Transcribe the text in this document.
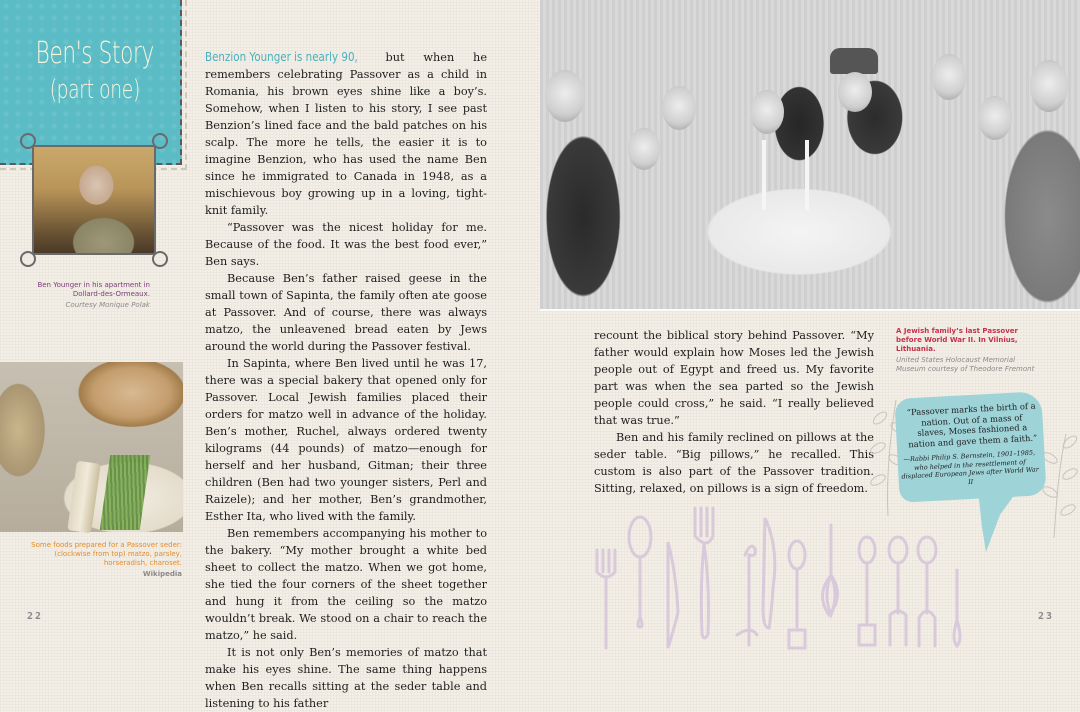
Ben's Story
(part one)
Ben Younger in his apartment in Dollard-des-Ormeaux.
Courtesy Monique Polak
Some foods prepared for a Passover seder: (clockwise from top) matzo, parsley, horseradish, charoset.
Wikipedia
22

Benzion Younger is nearly 90, but when he remembers celebrating Passover as a child in Romania, his brown eyes shine like a boy’s. Somehow, when I listen to his story, I see past Benzion’s lined face and the bald patches on his scalp. The more he tells, the easier it is to imagine Benzion, who has used the name Ben since he immigrated to Canada in 1948, as a mischievous boy growing up in a loving, tight-knit family.

“Passover was the nicest holiday for me. Because of the food. It was the best food ever,” Ben says.

Because Ben’s father raised geese in the small town of Sapinta, the family often ate goose at Passover. And of course, there was always matzo, the unleavened bread eaten by Jews around the world during the Passover festival.

In Sapinta, where Ben lived until he was 17, there was a special bakery that opened only for Passover. Local Jewish families placed their orders for matzo well in advance of the holiday. Ben’s mother, Ruchel, always ordered twenty kilograms (44 pounds) of matzo—enough for herself and her husband, Gitman; their three children (Ben had two younger sisters, Perl and Raizele); and her mother, Ben’s grandmother, Esther Ita, who lived with the family.

Ben remembers accompanying his mother to the bakery. “My mother brought a white bed sheet to collect the matzo. When we got home, she tied the four corners of the sheet together and hung it from the ceiling so the matzo wouldn’t break. We stood on a chair to reach the matzo,” he said.

It is not only Ben’s memories of matzo that make his eyes shine. The same thing happens when Ben recalls sitting at the seder table and listening to his father

A Jewish family’s last Passover before World War II. In Vilnius, Lithuania.
United States Holocaust Memorial Museum courtesy of Theodore Fremont

recount the biblical story behind Passover. “My father would explain how Moses led the Jewish people out of Egypt and freed us. My favorite part was when the sea parted so the Jewish people could cross,” he said. “I really believed that was true.”

Ben and his family reclined on pillows at the seder table. “Big pillows,” he recalled. This custom is also part of the Passover tradition. Sitting, relaxed, on pillows is a sign of freedom.

“Passover marks the birth of a nation. Out of a mass of slaves, Moses fashioned a nation and gave them a faith.”
—Rabbi Philip S. Bernstein, 1901–1985, who helped in the resettlement of displaced European Jews after World War II
23
